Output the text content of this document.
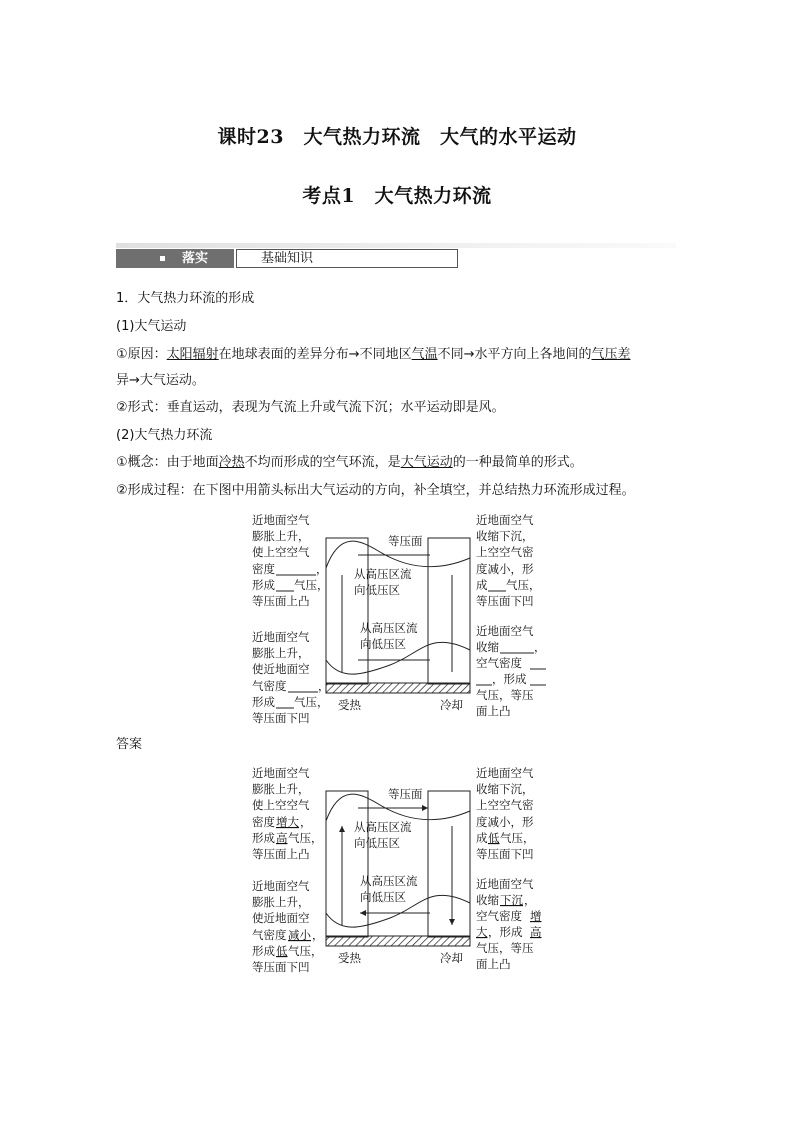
课时23　大气热力环流　大气的水平运动
考点1　大气热力环流
落实	基础知识
1．大气热力环流的形成
(1)大气运动
①原因：太阳辐射在地球表面的差异分布→不同地区气温不同→水平方向上各地间的气压差
异→大气运动。
②形式：垂直运动，表现为气流上升或气流下沉；水平运动即是风。
(2)大气热力环流
①概念：由于地面冷热不均而形成的空气环流，是大气运动的一种最简单的形式。
②形成过程：在下图中用箭头标出大气运动的方向，补全填空，并总结热力环流形成过程。
等压面
从高压区流
向低压区
从高压区流
向低压区
受热	冷却
近地面空气
膨胀上升，
使上空空气
密度	，
形成 气压，
等压面上凸
近地面空气
膨胀上升，
使近地面空
气密度	，
形成 气压，
等压面下凹
近地面空气
收缩下沉，
上空空气密
度减小，形
成 气压，
等压面下凹
近地面空气
收缩	，
空气密度
，形成
气压，等压
面上凸
答案
等压面
从高压区流
向低压区
从高压区流
向低压区
受热	冷却
近地面空气
膨胀上升，
使上空空气
密度 增大 ，
形成 高 气压，
等压面上凸
近地面空气
膨胀上升，
使近地面空
气密度 减小 ，
形成 低 气压，
等压面下凹
近地面空气
收缩下沉，
上空空气密
度减小，形
成 低 气压，
等压面下凹
近地面空气
收缩 下沉 ，
空气密度 增
大 ，形成 高
气压，等压
面上凸
